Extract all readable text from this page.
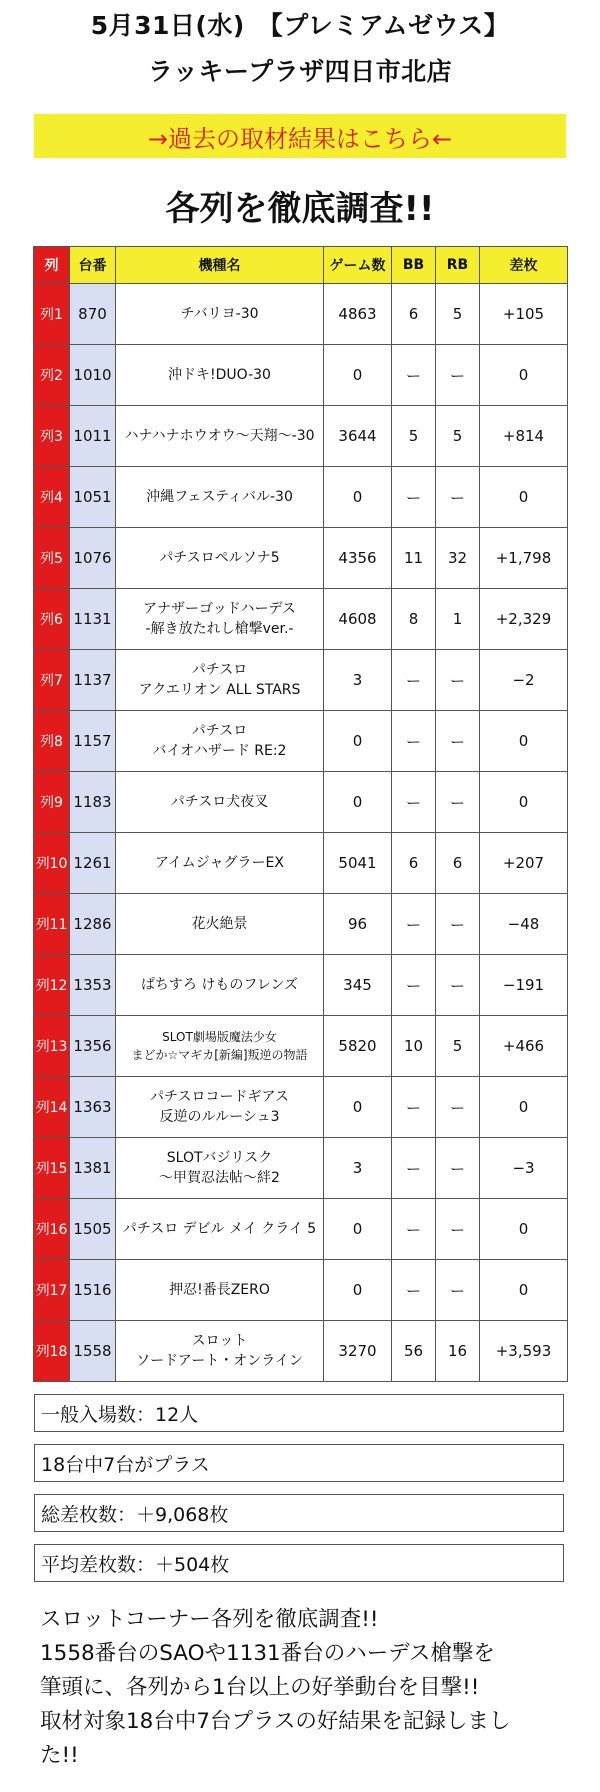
5月31日(水)　【プレミアムゼウス】
ラッキープラザ四日市北店
→過去の取材結果はこちら←
各列を徹底調査!!
列	台番	機種名	ゲーム数	BB	RB	差枚
列1	870	チバリヨ-30	4863	6	5	+105
列2	1010	沖ドキ!DUO-30	0	ー	ー	0
列3	1011	ハナハナホウオウ〜天翔〜-30	3644	5	5	+814
列4	1051	沖縄フェスティバル-30	0	ー	ー	0
列5	1076	パチスロペルソナ5	4356	11	32	+1,798
列6	1131	アナザーゴッドハーデス
-解き放たれし槍撃ver.-	4608	8	1	+2,329
列7	1137	パチスロ
アクエリオン ALL STARS	3	ー	ー	−2
列8	1157	パチスロ
バイオハザード RE:2	0	ー	ー	0
列9	1183	パチスロ犬夜叉	0	ー	ー	0
列10	1261	アイムジャグラーEX	5041	6	6	+207
列11	1286	花火絶景	96	ー	ー	−48
列12	1353	ぱちすろ けものフレンズ	345	ー	ー	−191
列13	1356	SLOT劇場版魔法少女
まどか☆マギカ[新編]叛逆の物語	5820	10	5	+466
列14	1363	パチスロコードギアス
反逆のルルーシュ3	0	ー	ー	0
列15	1381	SLOTバジリスク
〜甲賀忍法帖〜絆2	3	ー	ー	−3
列16	1505	パチスロ デビル メイ クライ 5	0	ー	ー	0
列17	1516	押忍!番長ZERO	0	ー	ー	0
列18	1558	スロット
ソードアート・オンライン	3270	56	16	+3,593
一般入場数：12人
18台中7台がプラス
総差枚数：＋9,068枚
平均差枚数：＋504枚

スロットコーナー各列を徹底調査!!

1558番台のSAOや1131番台のハーデス槍撃を

筆頭に、各列から1台以上の好挙動台を目撃!!

取材対象18台中7台プラスの好結果を記録しまし

た!!
